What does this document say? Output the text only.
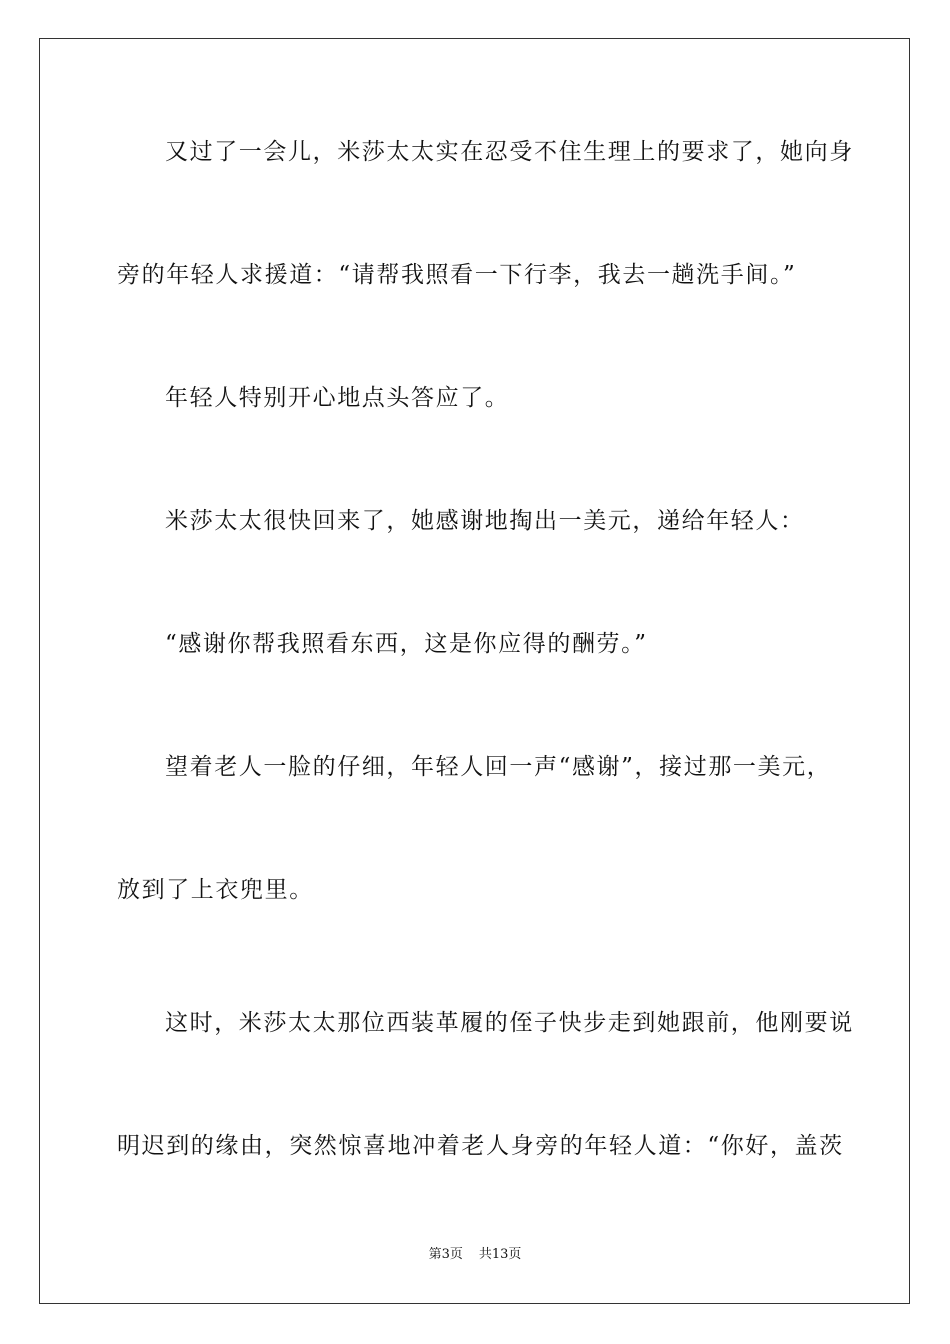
又过了一会儿，米莎太太实在忍受不住生理上的要求了，她向身
旁的年轻人求援道：“请帮我照看一下行李，我去一趟洗手间。”
年轻人特别开心地点头答应了。
米莎太太很快回来了，她感谢地掏出一美元，递给年轻人：
“感谢你帮我照看东西，这是你应得的酬劳。”
望着老人一脸的仔细，年轻人回一声“感谢”，接过那一美元，
放到了上衣兜里。
这时，米莎太太那位西装革履的侄子快步走到她跟前，他刚要说
明迟到的缘由，突然惊喜地冲着老人身旁的年轻人道：“你好，盖茨
第3页 共13页
